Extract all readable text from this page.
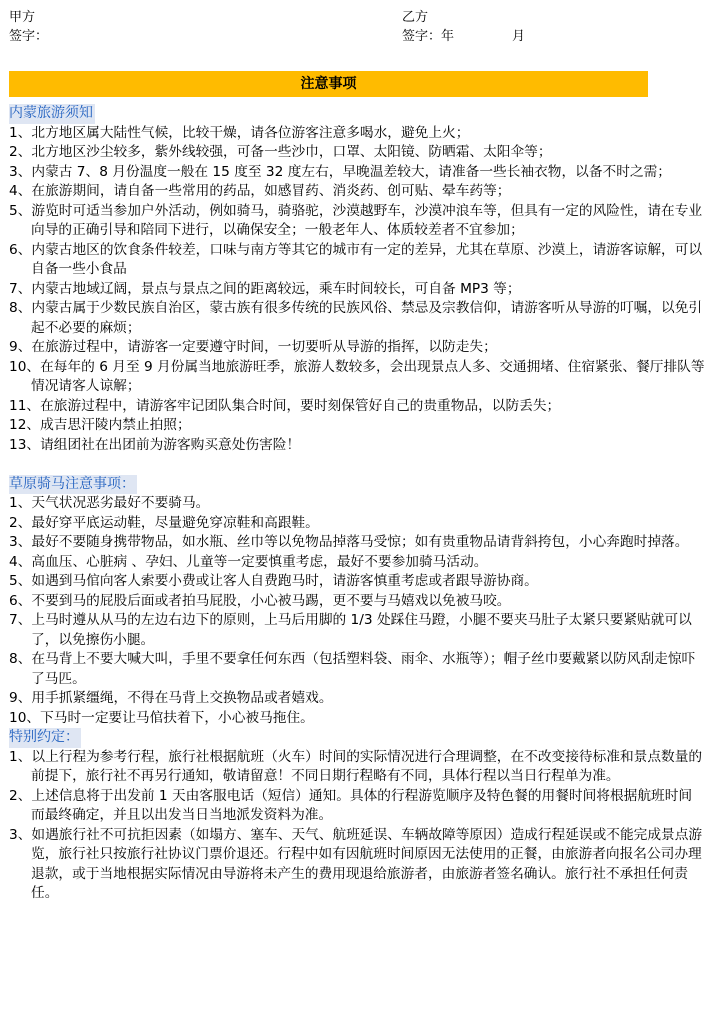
甲方
签字：
乙方
签字：年	月
注意事项
内蒙旅游须知
1、北方地区属大陆性气候，比较干燥，请各位游客注意多喝水，避免上火；
2、北方地区沙尘较多，紫外线较强，可备一些沙巾，口罩、太阳镜、防晒霜、太阳伞等；
3、内蒙古 7、8 月份温度一般在 15 度至 32 度左右，早晚温差较大，请准备一些长袖衣物，以备不时之需；
4、在旅游期间，请自备一些常用的药品，如感冒药、消炎药、创可贴、晕车药等；
5、游览时可适当参加户外活动，例如骑马，骑骆驼，沙漠越野车，沙漠冲浪车等，但具有一定的风险性，请在专业向导的正确引导和陪同下进行，以确保安全；一般老年人、体质较差者不宜参加；
6、内蒙古地区的饮食条件较差，口味与南方等其它的城市有一定的差异，尤其在草原、沙漠上，请游客谅解，可以自备一些小食品
7、内蒙古地域辽阔，景点与景点之间的距离较远，乘车时间较长，可自备 MP3 等；
8、内蒙古属于少数民族自治区，蒙古族有很多传统的民族风俗、禁忌及宗教信仰，请游客听从导游的叮嘱，以免引起不必要的麻烦；
9、在旅游过程中，请游客一定要遵守时间，一切要听从导游的指挥，以防走失；
10、在每年的 6 月至 9 月份属当地旅游旺季，旅游人数较多，会出现景点人多、交通拥堵、住宿紧张、餐厅排队等情况请客人谅解；
11、在旅游过程中，请游客牢记团队集合时间，要时刻保管好自己的贵重物品，以防丢失；
12、成吉思汗陵内禁止拍照；
13、请组团社在出团前为游客购买意处伤害险！
草原骑马注意事项：
1、天气状况恶劣最好不要骑马。
2、最好穿平底运动鞋，尽量避免穿凉鞋和高跟鞋。
3、最好不要随身携带物品，如水瓶、丝巾等以免物品掉落马受惊；如有贵重物品请背斜挎包，小心奔跑时掉落。
4、高血压、心脏病 、孕妇、儿童等一定要慎重考虑，最好不要参加骑马活动。
5、如遇到马倌向客人索要小费或让客人自费跑马时，请游客慎重考虑或者跟导游协商。
6、不要到马的屁股后面或者拍马屁股，小心被马踢，更不要与马嬉戏以免被马咬。
7、上马时遵从从马的左边右边下的原则，上马后用脚的 1/3 处踩住马蹬，小腿不要夹马肚子太紧只要紧贴就可以了，以免擦伤小腿。
8、在马背上不要大喊大叫，手里不要拿任何东西（包括塑料袋、雨伞、水瓶等）；帽子丝巾要戴紧以防风刮走惊吓了马匹。
9、用手抓紧缰绳，不得在马背上交换物品或者嬉戏。
10、下马时一定要让马倌扶着下，小心被马拖住。
特别约定：
1、以上行程为参考行程，旅行社根据航班（火车）时间的实际情况进行合理调整，在不改变接待标准和景点数量的前提下，旅行社不再另行通知，敬请留意！不同日期行程略有不同，具体行程以当日行程单为准。
2、上述信息将于出发前 1 天由客服电话（短信）通知。具体的行程游览顺序及特色餐的用餐时间将根据航班时间而最终确定，并且以出发当日当地派发资料为准。
3、如遇旅行社不可抗拒因素（如塌方、塞车、天气、航班延误、车辆故障等原因）造成行程延误或不能完成景点游览，旅行社只按旅行社协议门票价退还。行程中如有因航班时间原因无法使用的正餐，由旅游者向报名公司办理退款，或于当地根据实际情况由导游将未产生的费用现退给旅游者，由旅游者签名确认。旅行社不承担任何责任。
